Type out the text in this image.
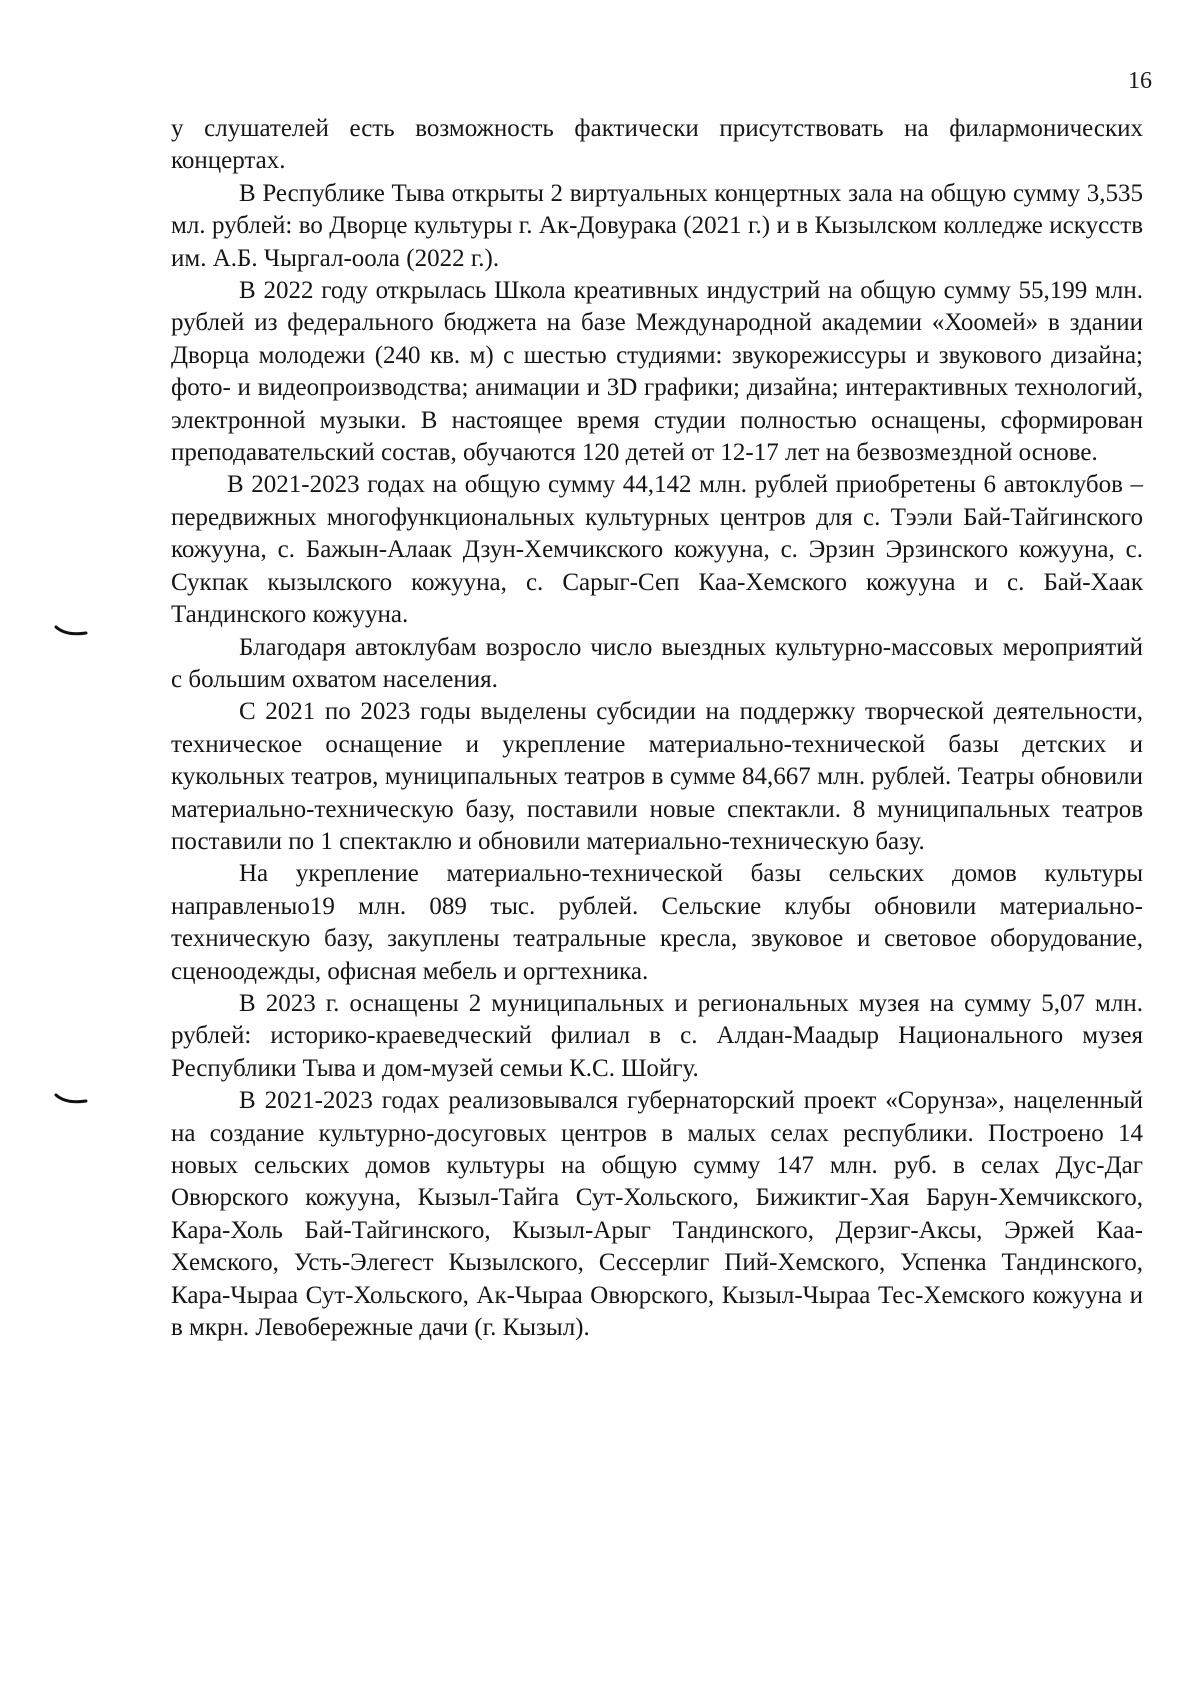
16

у слушателей есть возможность фактически присутствовать на филармонических концертах.

В Республике Тыва открыты 2 виртуальных концертных зала на общую сумму 3,535 мл. рублей: во Дворце культуры г. Ак-Довурака (2021 г.) и в Кызылском колледже искусств им. А.Б. Чыргал-оола (2022 г.).

В 2022 году открылась Школа креативных индустрий на общую сумму 55,199 млн. рублей из федерального бюджета на базе Международной академии «Хоомей» в здании Дворца молодежи (240 кв. м) с шестью студиями: звукорежиссуры и звукового дизайна; фото- и видеопроизводства; анимации и 3D графики; дизайна; интерактивных технологий, электронной музыки. В настоящее время студии полностью оснащены, сформирован преподавательский состав, обучаются 120 детей от 12-17 лет на безвозмездной основе.

В 2021-2023 годах на общую сумму 44,142 млн. рублей приобретены 6 автоклубов – передвижных многофункциональных культурных центров для с. Тээли Бай-Тайгинского кожууна, с. Бажын-Алаак Дзун-Хемчикского кожууна, с. Эрзин Эрзинского кожууна, с. Сукпак кызылского кожууна, с. Сарыг-Сеп Каа-Хемского кожууна и с. Бай-Хаак Тандинского кожууна.

Благодаря автоклубам возросло число выездных культурно-массовых мероприятий с большим охватом населения.

С 2021 по 2023 годы выделены субсидии на поддержку творческой деятельности, техническое оснащение и укрепление материально-технической базы детских и кукольных театров, муниципальных театров в сумме 84,667 млн. рублей. Театры обновили материально-техническую базу, поставили новые спектакли. 8 муниципальных театров поставили по 1 спектаклю и обновили материально-техническую базу.

На укрепление материально-технической базы сельских домов культуры направленыо19 млн. 089 тыс. рублей. Сельские клубы обновили материально-техническую базу, закуплены театральные кресла, звуковое и световое оборудование, сценоодежды, офисная мебель и оргтехника.

В 2023 г. оснащены 2 муниципальных и региональных музея на сумму 5,07 млн. рублей: историко-краеведческий филиал в с. Алдан-Маадыр Национального музея Республики Тыва и дом-музей семьи К.С. Шойгу.

В 2021-2023 годах реализовывался губернаторский проект «Сорунза», нацеленный на создание культурно-досуговых центров в малых селах республики. Построено 14 новых сельских домов культуры на общую сумму 147 млн. руб. в селах Дус-Даг Овюрского кожууна, Кызыл-Тайга Сут-Хольского, Бижиктиг-Хая Барун-Хемчикского, Кара-Холь Бай-Тайгинского, Кызыл-Арыг Тандинского, Дерзиг-Аксы, Эржей Каа-Хемского, Усть-Элегест Кызылского, Сессерлиг Пий-Хемского, Успенка Тандинского, Кара-Чыраа Сут-Хольского, Ак-Чыраа Овюрского, Кызыл-Чыраа Тес-Хемского кожууна и в мкрн. Левобережные дачи (г. Кызыл).
